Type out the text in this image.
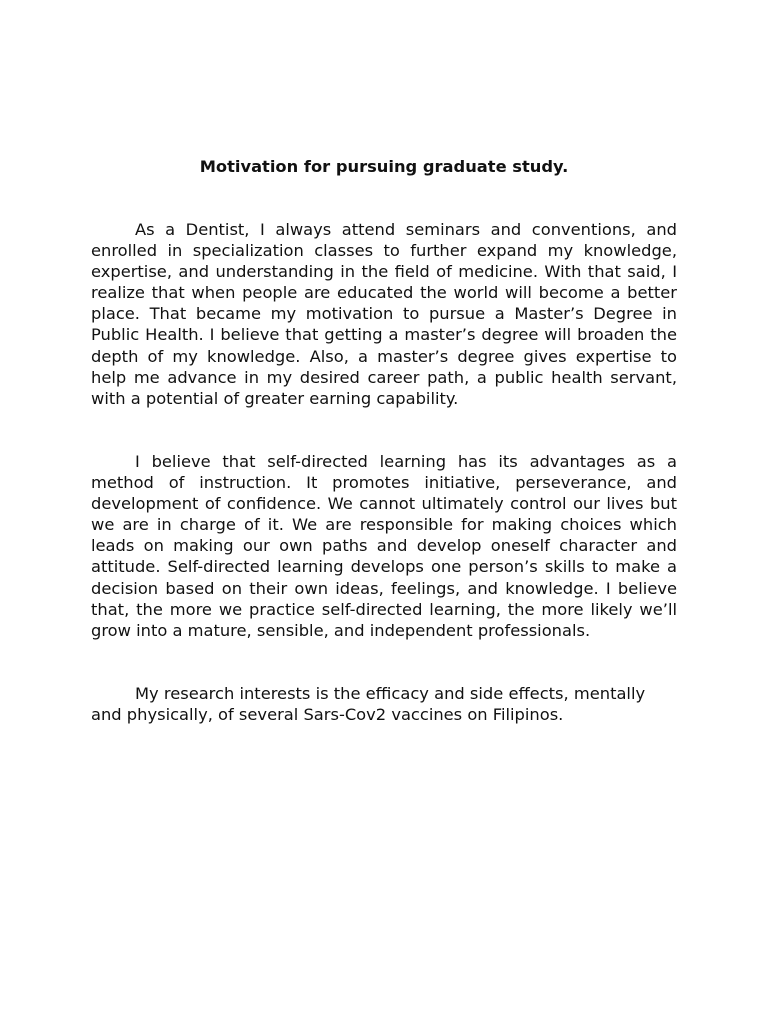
Motivation for pursuing graduate study.

As a Dentist, I always attend seminars and conventions, and enrolled in specialization classes to further expand my knowledge, expertise, and understanding in the field of medicine. With that said, I realize that when people are educated the world will become a better place. That became my motivation to pursue a Master’s Degree in Public Health. I believe that getting a master’s degree will broaden the depth of my knowledge. Also, a master’s degree gives expertise to help me advance in my desired career path, a public health servant, with a potential of greater earning capability.

I believe that self-directed learning has its advantages as a method of instruction. It promotes initiative, perseverance, and development of confidence. We cannot ultimately control our lives but we are in charge of it. We are responsible for making choices which leads on making our own paths and develop oneself character and attitude. Self-directed learning develops one person’s skills to make a decision based on their own ideas, feelings, and knowledge. I believe that, the more we practice self-directed learning, the more likely we’ll grow into a mature, sensible, and independent professionals.

My research interests is the efficacy and side effects, mentally and physically, of several Sars-Cov2 vaccines on Filipinos.
